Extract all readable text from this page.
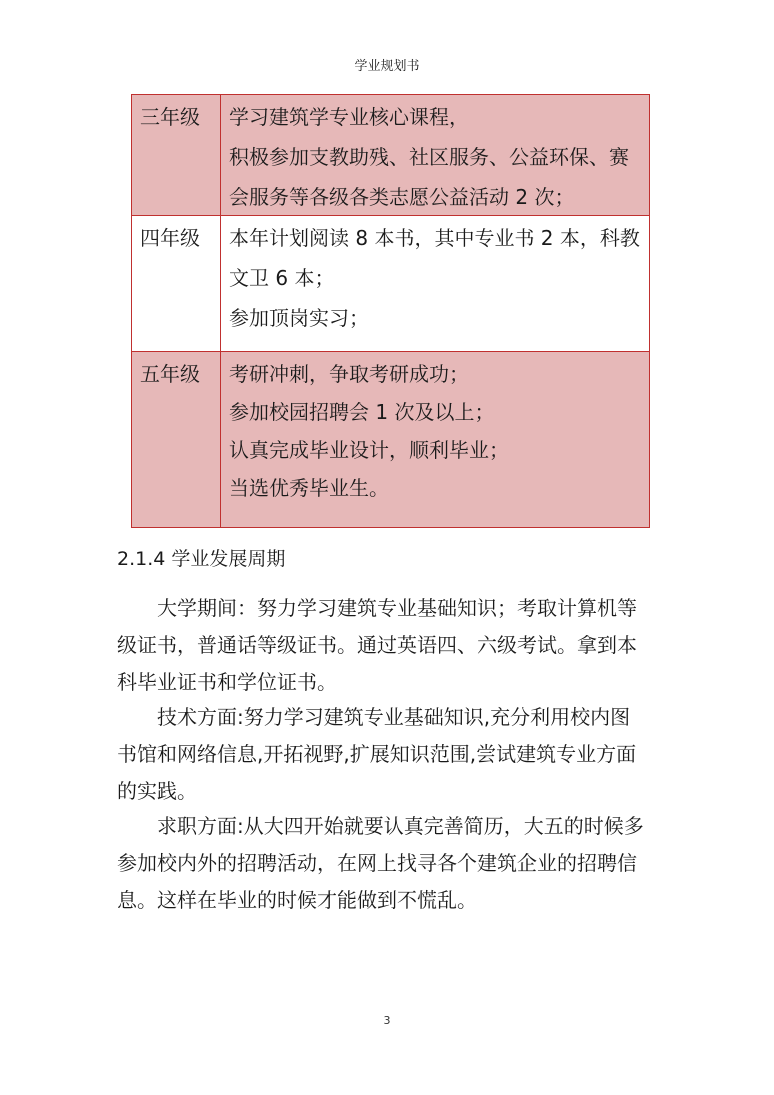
学业规划书
三年级	学习建筑学专业核心课程，
积极参加支教助残、社区服务、公益环保、赛
会服务等各级各类志愿公益活动 2 次；

四年级	本年计划阅读 8 本书，其中专业书 2 本，科教
文卫 6 本；
参加顶岗实习；

五年级	考研冲刺，争取考研成功；
参加校园招聘会 1 次及以上；
认真完成毕业设计，顺利毕业；
当选优秀毕业生。
2.1.4 学业发展周期
大学期间：努力学习建筑专业基础知识；考取计算机等
级证书，普通话等级证书。通过英语四、六级考试。拿到本
科毕业证书和学位证书。
技术方面:努力学习建筑专业基础知识,充分利用校内图
书馆和网络信息,开拓视野,扩展知识范围,尝试建筑专业方面
的实践。
求职方面:从大四开始就要认真完善简历，大五的时候多
参加校内外的招聘活动，在网上找寻各个建筑企业的招聘信
息。这样在毕业的时候才能做到不慌乱。
3
